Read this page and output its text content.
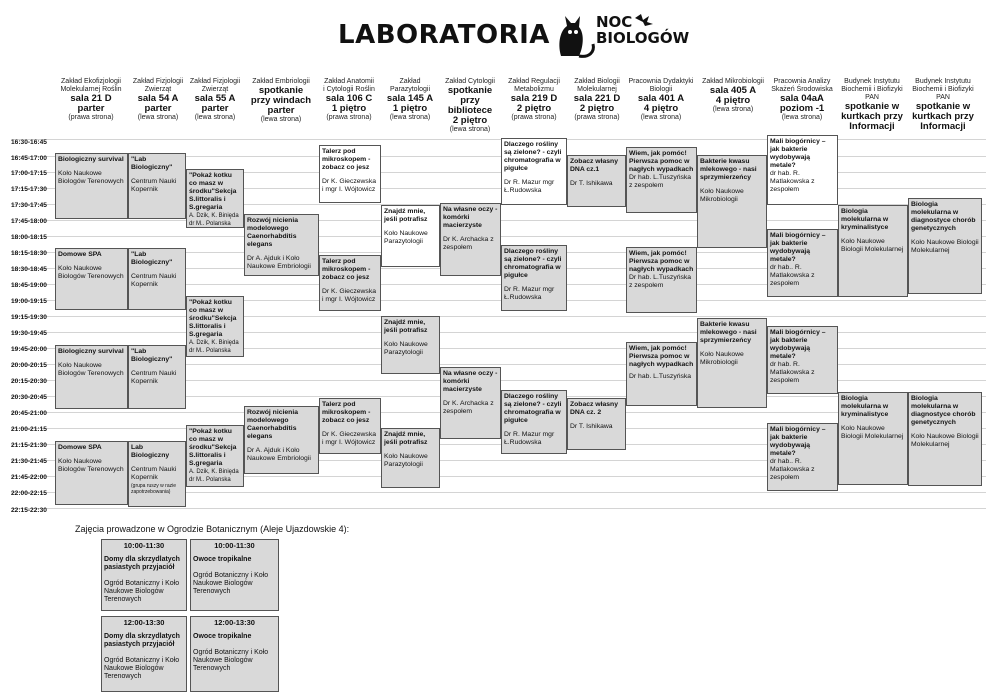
LABORATORIA	NOC
BIOLOGÓW
Zakład Ekofizjologii
Molekularnej Roślin
sala 21 D
parter
(prawa strona)
Zakład Fizjologii
Zwierząt
sala 54 A
parter
(lewa strona)
Zakład Fizjologii
Zwierząt
sala 55 A
parter
(lewa strona)
Zakład Embriologii
spotkanie
przy windach
parter
(lewa strona)
Zakład Anatomii
i Cytologii Roślin
sala 106 C
1 piętro
(prawa strona)
Zakład
Parazytologii
sala 145 A
1 piętro
(lewa strona)
Zakład Cytologii
spotkanie
przy bibliotece
2 piętro
(lewa strona)
Zakład Regulacji
Metabolizmu
sala 219 D
2 piętro
(prawa strona)
Zakład Biologii
Molekularnej
sala 221 D
2 piętro
(prawa strona)
Pracownia Dydaktyki
Biologii
sala 401 A
4 piętro
(lewa strona)
Zakład Mikrobiologii
sala 405 A
4 piętro
(lewa strona)
Pracownia Analizy
Skażeń Środowiska
sala 04aA
poziom -1
(lewa strona)
Budynek Instytutu
Biochemii i Biofizyki
PAN
spotkanie w
kurtkach przy
Informacji
Budynek Instytutu
Biochemii i Biofizyki
PAN
spotkanie w
kurtkach przy
Informacji
16:30-16:45
16:45-17:00
17:00-17:15
17:15-17:30
17:30-17:45
17:45-18:00
18:00-18:15
18:15-18:30
18:30-18:45
18:45-19:00
19:00-19:15
19:15-19:30
19:30-19:45
19:45-20:00
20:00-20:15
20:15-20:30
20:30-20:45
20:45-21:00
21:00-21:15
21:15-21:30
21:30-21:45
21:45-22:00
22:00-22:15
22:15-22:30
Biologiczny survival
Koło Naukowe Biologów Terenowych
Domowe SPA
Koło Naukowe Biologów Terenowych
Biologiczny survival
Koło Naukowe Biologów Terenowych
Domowe SPA
Koło Naukowe Biologów Terenowych
"Lab Biologiczny"
Centrum Nauki Kopernik
"Lab Biologiczny"
Centrum Nauki Kopernik
"Lab Biologiczny"
Centrum Nauki Kopernik
Lab Biologiczny
Centrum Nauki Kopernik
(grupa ruszy w razie zapotrzebowania)
"Pokaż kotku co masz w środku"Sekcja S.littoralis i S.gregaria
A. Dzik, K. Binięda dr M.. Polanska
"Pokaż kotku co masz w środku"Sekcja S.littoralis i S.gregaria
A. Dzik, K. Binięda dr M.. Polanska
"Pokaż kotku co masz w środku"Sekcja S.littoralis i S.gregaria
A. Dzik, K. Binięda dr M.. Polanska
Rozwój nicienia modelowego Caenorhabditis elegans
Dr A. Ajduk i Koło Naukowe Embriologii
Rozwój nicienia modelowego Caenorhabditis elegans
Dr A. Ajduk i Koło Naukowe Embriologii
Talerz pod mikroskopem - zobacz co jesz
Dr K. Gieczewska i mgr I. Wójtowicz
Talerz pod mikroskopem - zobacz co jesz
Dr K. Gieczewska i mgr I. Wójtowicz
Talerz pod mikroskopem - zobacz co jesz
Dr K. Gieczewska i mgr I. Wójtowicz
Znajdź mnie, jeśli potrafisz
Koło Naukowe Parazytologii
Znajdź mnie, jeśli potrafisz
Koło Naukowe Parazytologii
Znajdź mnie, jeśli potrafisz
Koło Naukowe Parazytologii
Na własne oczy - komórki macierzyste
Dr K. Archacka z zespołem
Na własne oczy - komórki macierzyste
Dr K. Archacka z zespołem
Dlaczego rośliny są zielone? - czyli chromatografia w pigułce
Dr R. Mazur mgr Ł.Rudowska
Dlaczego rośliny są zielone? - czyli chromatografia w pigułce
Dr R. Mazur mgr Ł.Rudowska
Dlaczego rośliny są zielone? - czyli chromatografia w pigułce
Dr R. Mazur mgr Ł.Rudowska
Zobacz własny DNA cz.1
Dr T. Ishikawa
Zobacz własny DNA cz. 2
Dr T. Ishikawa
Wiem, jak pomóc! Pierwsza pomoc w nagłych wypadkach
Dr hab. L.Tuszyńska z zespołem
Wiem, jak pomóc! Pierwsza pomoc w nagłych wypadkach
Dr hab. L.Tuszyńska z zespołem
Wiem, jak pomóc! Pierwsza pomoc w nagłych wypadkach
Dr hab. L.Tuszyńska
Bakterie kwasu mlekowego - nasi sprzymierzeńcy
Koło Naukowe Mikrobiologii
Bakterie kwasu mlekowego - nasi sprzymierzeńcy
Koło Naukowe Mikrobiologii
Mali biogórnicy – jak bakterie wydobywają metale?
dr hab. R. Matlakowska z zespołem
Mali biogórnicy – jak bakterie wydobywają metale?
dr hab.. R. Matlakowska z zespołem
Mali biogórnicy – jak bakterie wydobywają metale?
dr hab. R. Matlakowska z zespołem
Mali biogórnicy – jak bakterie wydobywają metale?
dr hab.. R. Matlakowska z zespołem
Biologia molekularna w kryminalistyce
Koło Naukowe Biologii Molekularnej
Biologia molekularna w kryminalistyce
Koło Naukowe Biologii Molekularnej
Biologia molekularna w diagnostyce chorób genetycznych
Koło Naukowe Biologii Molekularnej
Biologia molekularna w diagnostyce chorób genetycznych
Koło Naukowe Biologii Molekularnej
Zajęcia prowadzone w Ogrodzie Botanicznym (Aleje Ujazdowskie 4):
10:00-11:30
Domy dla skrzydlatych pasiastych przyjaciół
Ogród Botaniczny i Koło Naukowe Biologów Terenowych
10:00-11:30
Owoce tropikalne
Ogród Botaniczny i Koło Naukowe Biologów Terenowych
12:00-13:30
Domy dla skrzydlatych pasiastych przyjaciół
Ogród Botaniczny i Koło Naukowe Biologów Terenowych
12:00-13:30
Owoce tropikalne
Ogród Botaniczny i Koło Naukowe Biologów Terenowych
